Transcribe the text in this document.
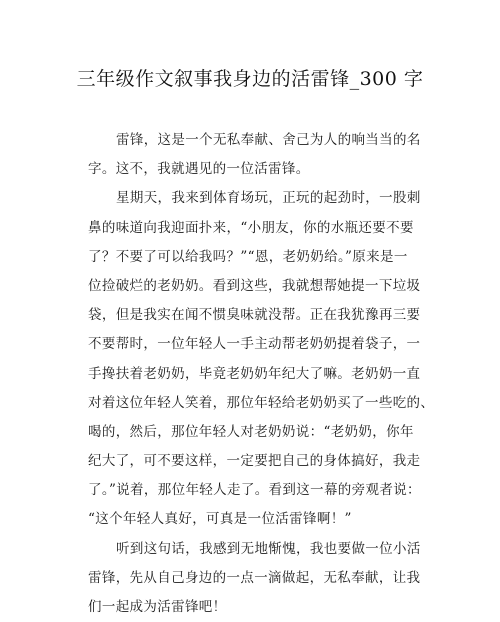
三年级作文叙事我身边的活雷锋_300 字
雷锋，这是一个无私奉献、舍己为人的响当当的名
字。这不，我就遇见的一位活雷锋。
星期天，我来到体育场玩，正玩的起劲时，一股刺
鼻的味道向我迎面扑来，“小朋友，你的水瓶还要不要
了？不要了可以给我吗？”“恩，老奶奶给。”原来是一
位捡破烂的老奶奶。看到这些，我就想帮她提一下垃圾
袋，但是我实在闻不惯臭味就没帮。正在我犹豫再三要
不要帮时，一位年轻人一手主动帮老奶奶提着袋子，一
手搀扶着老奶奶，毕竟老奶奶年纪大了嘛。老奶奶一直
对着这位年轻人笑着，那位年轻给老奶奶买了一些吃的、
喝的，然后，那位年轻人对老奶奶说：“老奶奶，你年
纪大了，可不要这样，一定要把自己的身体搞好，我走
了。”说着，那位年轻人走了。看到这一幕的旁观者说：
“这个年轻人真好，可真是一位活雷锋啊！”
听到这句话，我感到无地惭愧，我也要做一位小活
雷锋，先从自己身边的一点一滴做起，无私奉献，让我
们一起成为活雷锋吧！
